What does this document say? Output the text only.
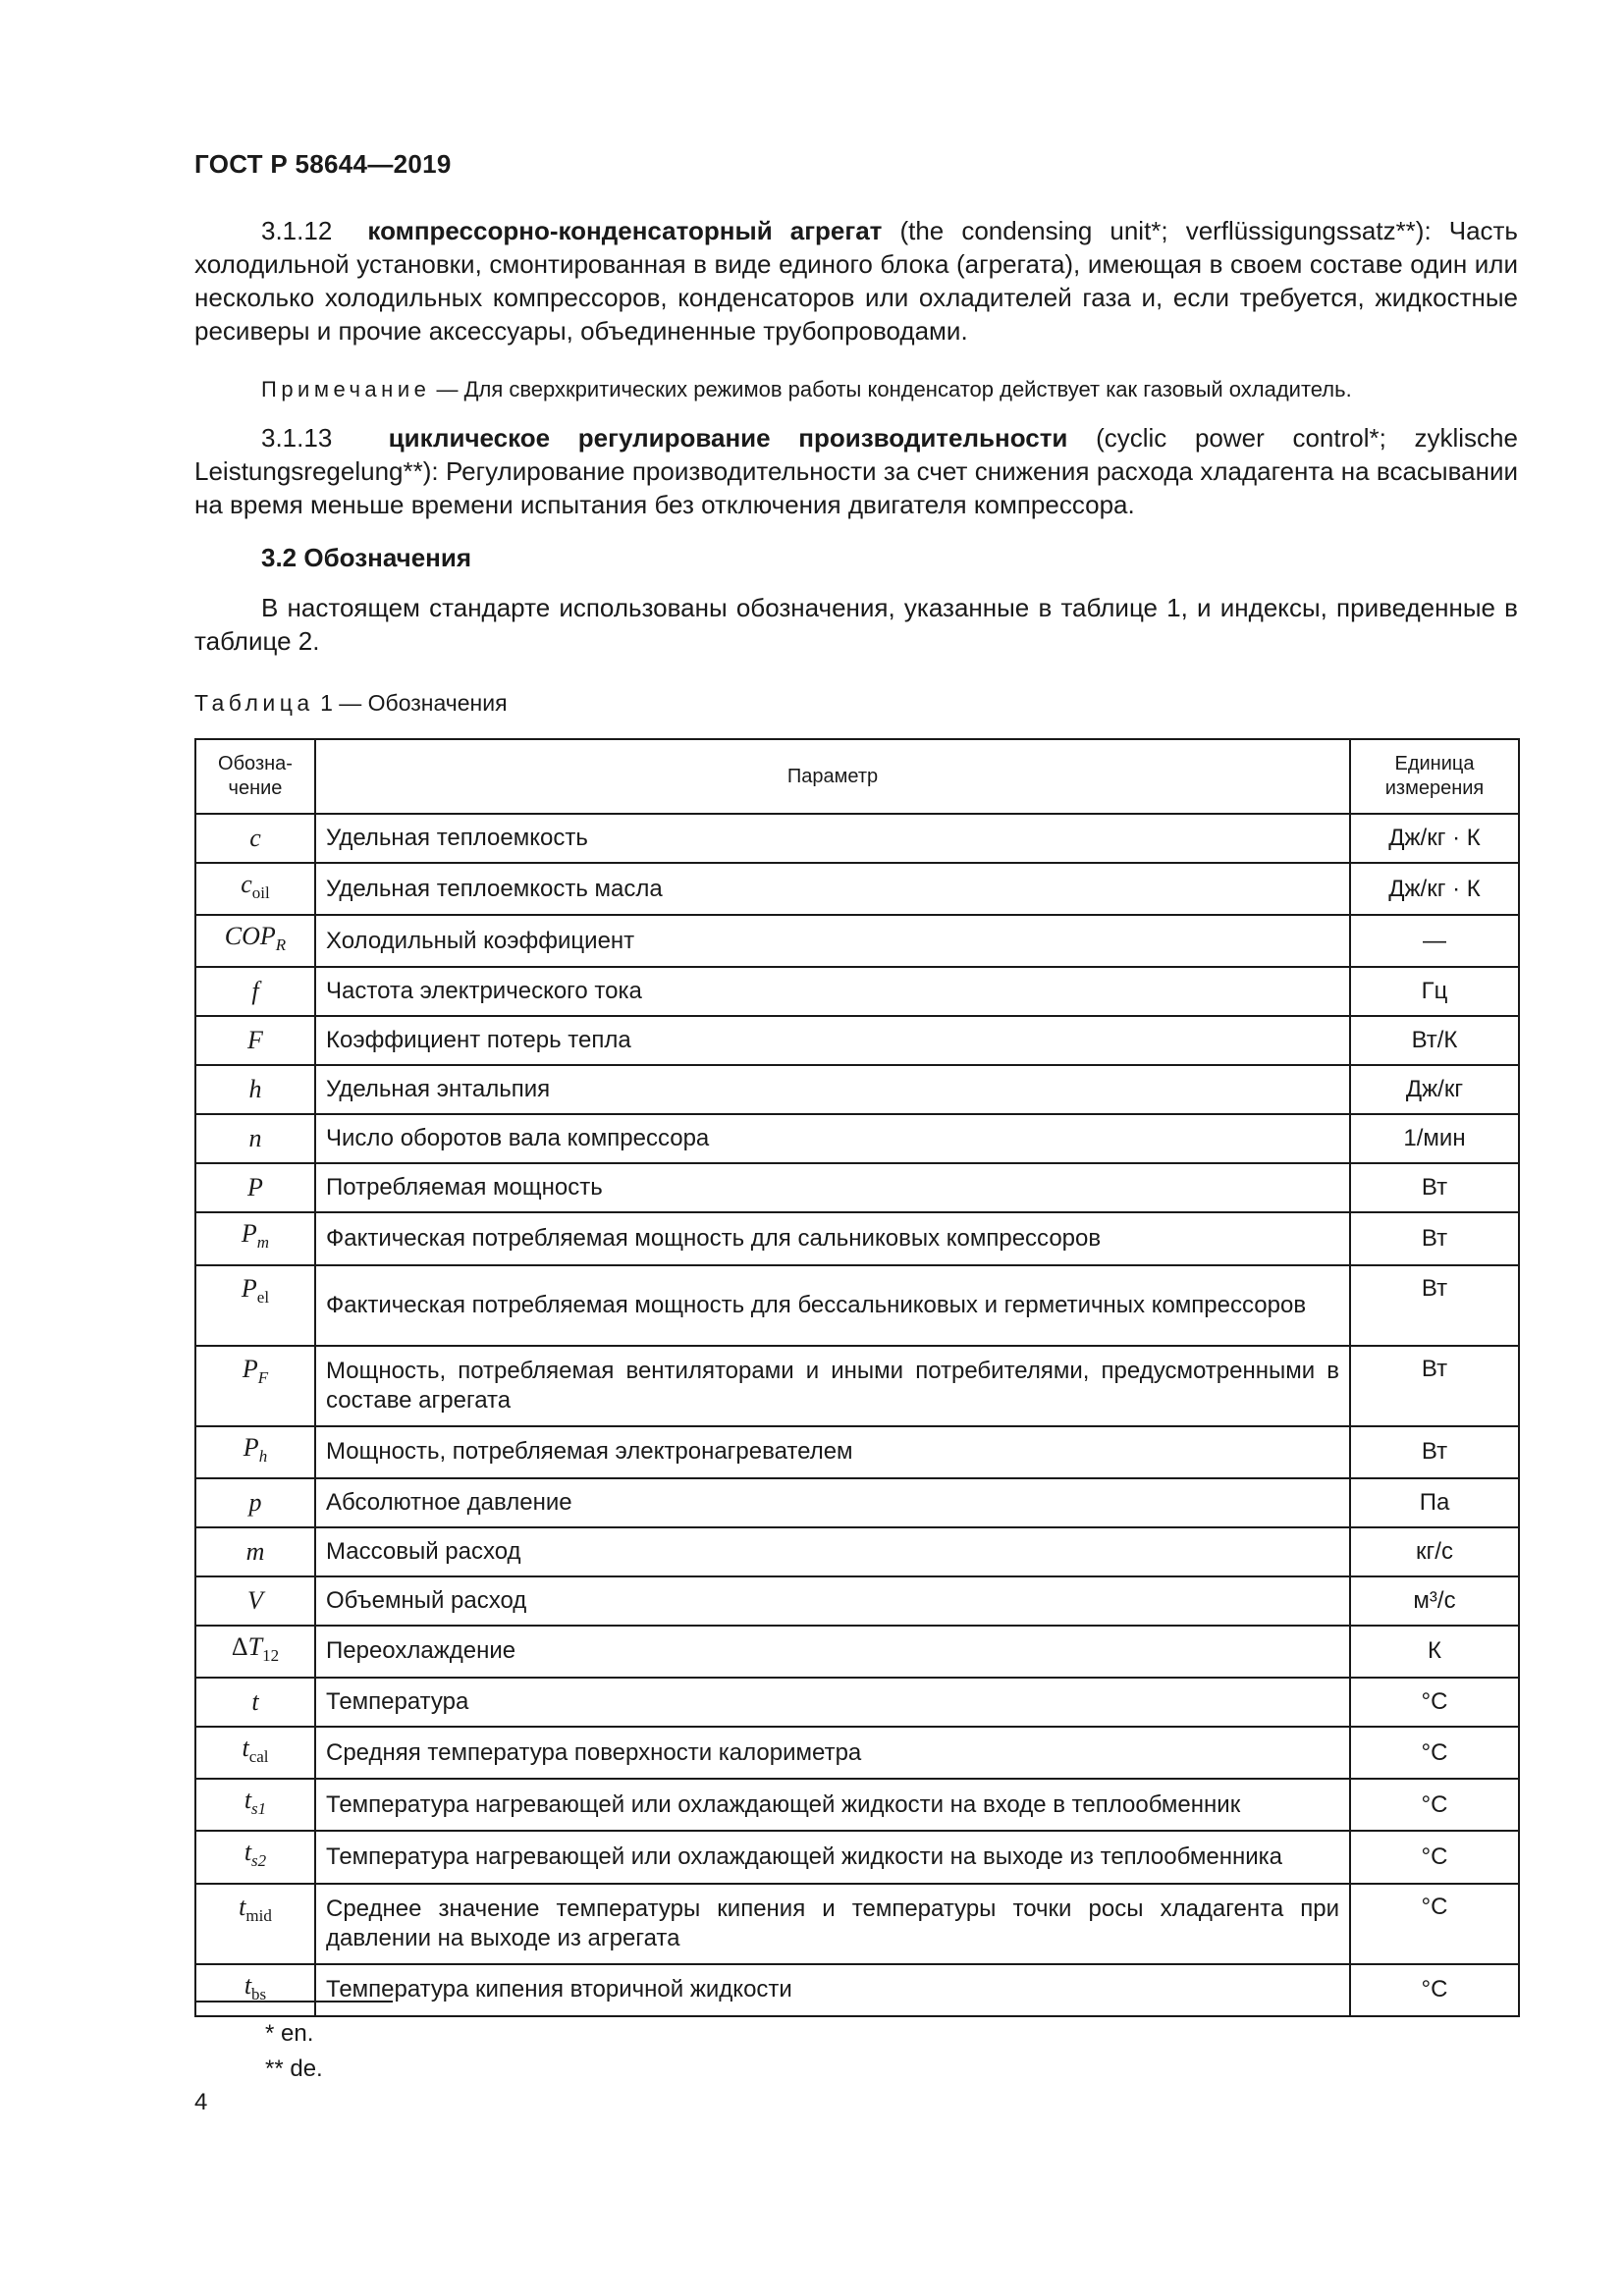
ГОСТ Р 58644—2019

3.1.12 компрессорно-конденсаторный агрегат (the condensing unit*; verflüssigungssatz**): Часть холодильной установки, смонтированная в виде единого блока (агрегата), имеющая в своем составе один или несколько холодильных компрессоров, конденсаторов или охладителей газа и, если требуется, жидкостные ресиверы и прочие аксессуары, объединенные трубопроводами.

Примечание — Для сверхкритических режимов работы конденсатор действует как газовый охладитель.

3.1.13 циклическое регулирование производительности (cyclic power control*; zyklische Leistungsregelung**): Регулирование производительности за счет снижения расхода хладагента на всасывании на время меньше времени испытания без отключения двигателя компрессора.

3.2 Обозначения

В настоящем стандарте использованы обозначения, указанные в таблице 1, и индексы, приведенные в таблице 2.

Таблица 1 — Обозначения

Обозна-чение	Параметр	Единица измерения
c	Удельная теплоемкость	Дж/кг · К
$c_{oil}$	Удельная теплоемкость масла	Дж/кг · К
$COP_R$	Холодильный коэффициент	—
f	Частота электрического тока	Гц
F	Коэффициент потерь тепла	Вт/К
h	Удельная энтальпия	Дж/кг
n	Число оборотов вала компрессора	1/мин
P	Потребляемая мощность	Вт
$P_m$	Фактическая потребляемая мощность для сальниковых компрессоров	Вт
$P_{el}$	Фактическая потребляемая мощность для бессальниковых и герметичных компрессоров	Вт
$P_F$	Мощность, потребляемая вентиляторами и иными потребителями, предусмотренными в составе агрегата	Вт
$P_h$	Мощность, потребляемая электронагревателем	Вт
p	Абсолютное давление	Па
m	Массовый расход	кг/с
V	Объемный расход	м³/с
$\Delta T_{12}$	Переохлаждение	К
t	Температура	°C
$t_{cal}$	Средняя температура поверхности калориметра	°C
$t_{s1}$	Температура нагревающей или охлаждающей жидкости на входе в теплообменник	°C
$t_{s2}$	Температура нагревающей или охлаждающей жидкости на выходе из теплообменника	°C
$t_{mid}$	Среднее значение температуры кипения и температуры точки росы хладагента при давлении на выходе из агрегата	°C
$t_{bs}$	Температура кипения вторичной жидкости	°C

* en.

** de.

4
